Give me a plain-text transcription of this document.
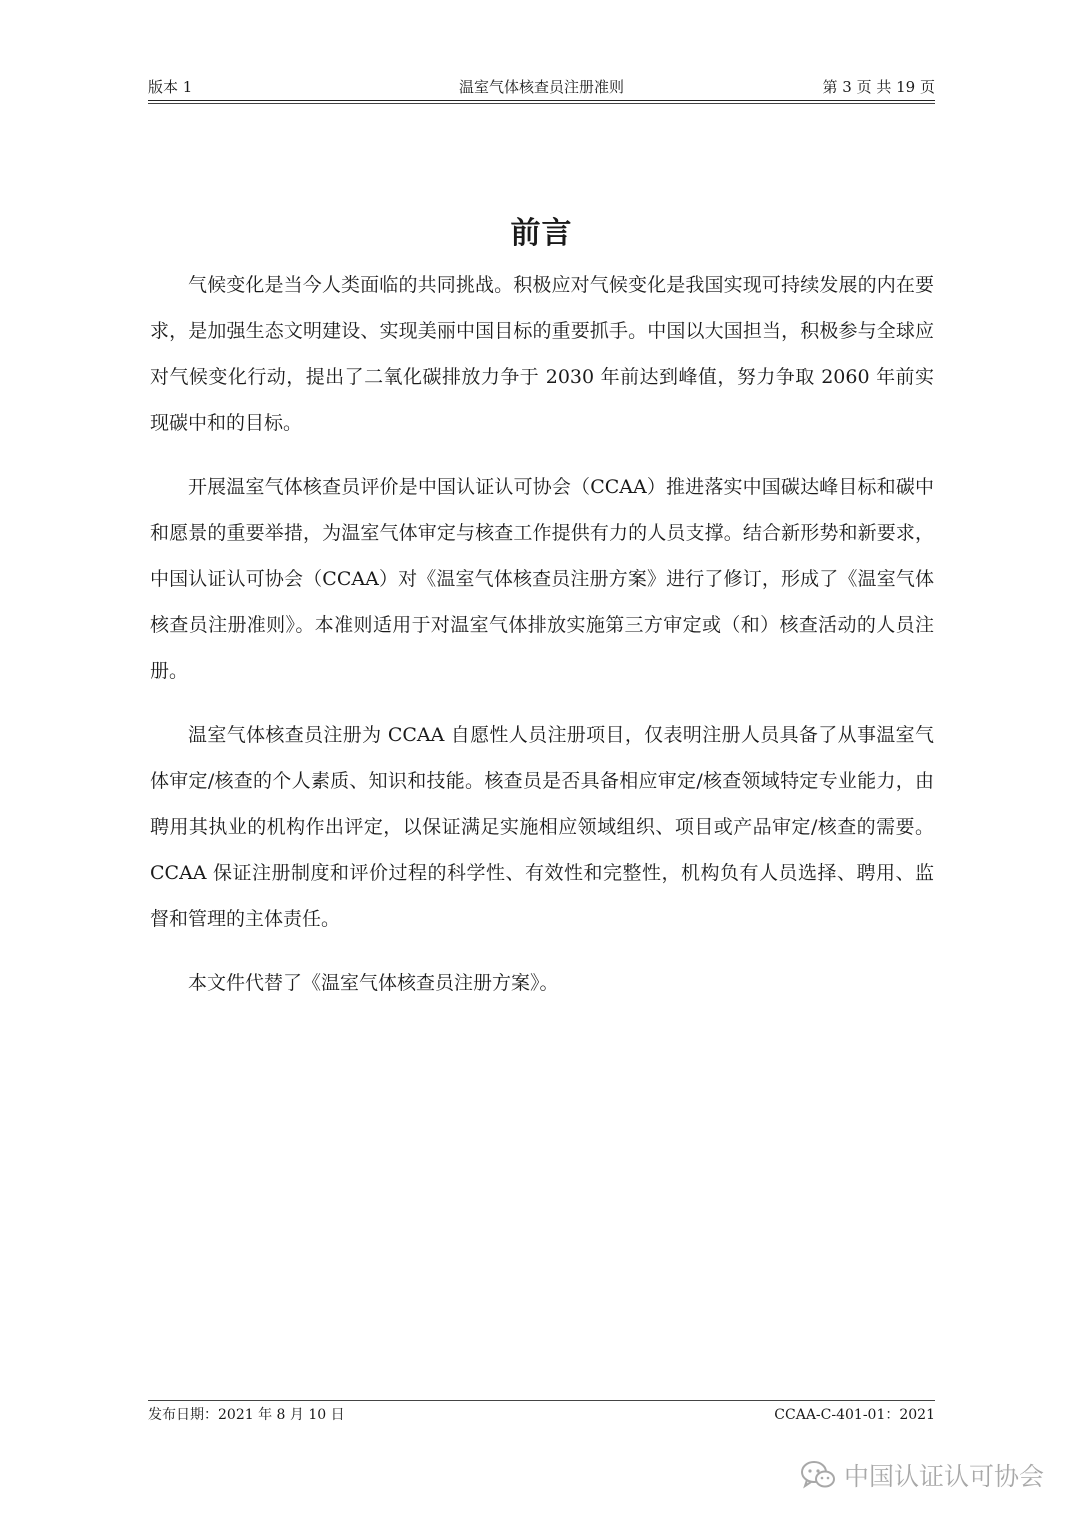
版本 1	温室气体核查员注册准则	第 3 页 共 19 页
前言

气候变化是当今人类面临的共同挑战。积极应对气候变化是我国实现可持续发展的内在要求，是加强生态文明建设、实现美丽中国目标的重要抓手。中国以大国担当，积极参与全球应对气候变化行动，提出了二氧化碳排放力争于 2030 年前达到峰值，努力争取 2060 年前实现碳中和的目标。

开展温室气体核查员评价是中国认证认可协会（CCAA）推进落实中国碳达峰目标和碳中和愿景的重要举措，为温室气体审定与核查工作提供有力的人员支撑。结合新形势和新要求，中国认证认可协会（CCAA）对《温室气体核查员注册方案》进行了修订，形成了《温室气体核查员注册准则》。本准则适用于对温室气体排放实施第三方审定或（和）核查活动的人员注册。

温室气体核查员注册为 CCAA 自愿性人员注册项目，仅表明注册人员具备了从事温室气体审定/核查的个人素质、知识和技能。核查员是否具备相应审定/核查领域特定专业能力，由聘用其执业的机构作出评定，以保证满足实施相应领域组织、项目或产品审定/核查的需要。CCAA 保证注册制度和评价过程的科学性、有效性和完整性，机构负有人员选择、聘用、监督和管理的主体责任。

本文件代替了《温室气体核查员注册方案》。

发布日期：2021 年 8 月 10 日	CCAA-C-401-01：2021
中国认证认可协会
